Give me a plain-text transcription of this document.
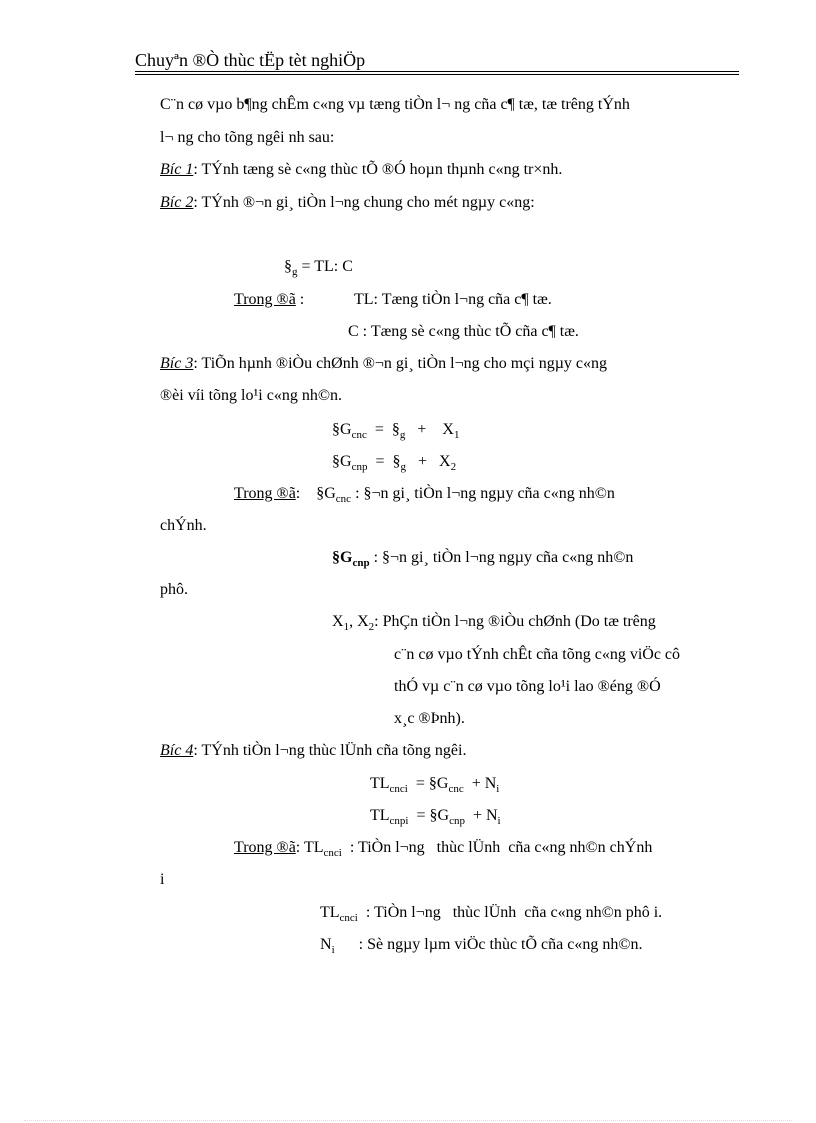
Chuyªn ®Ò thùc tËp tèt nghiÖp
C¨n cø vµo b¶ng chÊm c«ng vµ tæng tiÒn l¬ ng cña c¶ tæ, tæ trêng tÝnh
l¬ ng cho tõng ngêi nh sau:
Bíc 1: TÝnh tæng sè c«ng thùc tÕ ®Ó hoµn thµnh c«ng tr×nh.
Bíc 2: TÝnh ®¬n gi¸ tiÒn l¬ng chung cho mét ngµy c«ng:
$\S_g$ = TL: C
Trong ®ã :	TL: Tæng tiÒn l¬ng cña c¶ tæ.
C : Tæng sè c«ng thùc tÕ cña c¶ tæ.
Bíc 3: TiÕn hµnh ®iÒu chØnh ®¬n gi¸ tiÒn l¬ng cho mçi ngµy c«ng
®èi víi tõng lo¹i c«ng nh©n.
$\S G_{cnc}$  =  $\S_g$   +    $X_1$
$\S G_{cnp}$  =  $\S_g + X_2$
Trong ®ã:    $\S G_{cnc}$ : §¬n gi¸ tiÒn l¬ng ngµy cña c«ng nh©n
chÝnh.
$\S G_{cnp}$ : §¬n gi¸ tiÒn l¬ng ngµy cña c«ng nh©n
phô.
$X_1$, $X_2$: PhÇn tiÒn l¬ng ®iÒu chØnh (Do tæ trêng
c¨n cø vµo tÝnh chÊt cña tõng c«ng viÖc cô
thÓ vµ c¨n cø vµo tõng lo¹i lao ®éng ®Ó
x¸c ®Þnh).
Bíc 4: TÝnh tiÒn l¬ng thùc lÜnh cña tõng ngêi.
$TL_{cnci}$  = $\S G_{cnc} + N_i$
$TL_{cnpi}$  = $\S G_{cnp} + N_i$
Trong ®ã: $TL_{cnci}$  : TiÒn l¬ng   thùc lÜnh  cña c«ng nh©n chÝnh
i
$TL_{cnci}$  : TiÒn l¬ng   thùc lÜnh  cña c«ng nh©n phô i.
$N_i$      : Sè ngµy lµm viÖc thùc tÕ cña c«ng nh©n.
